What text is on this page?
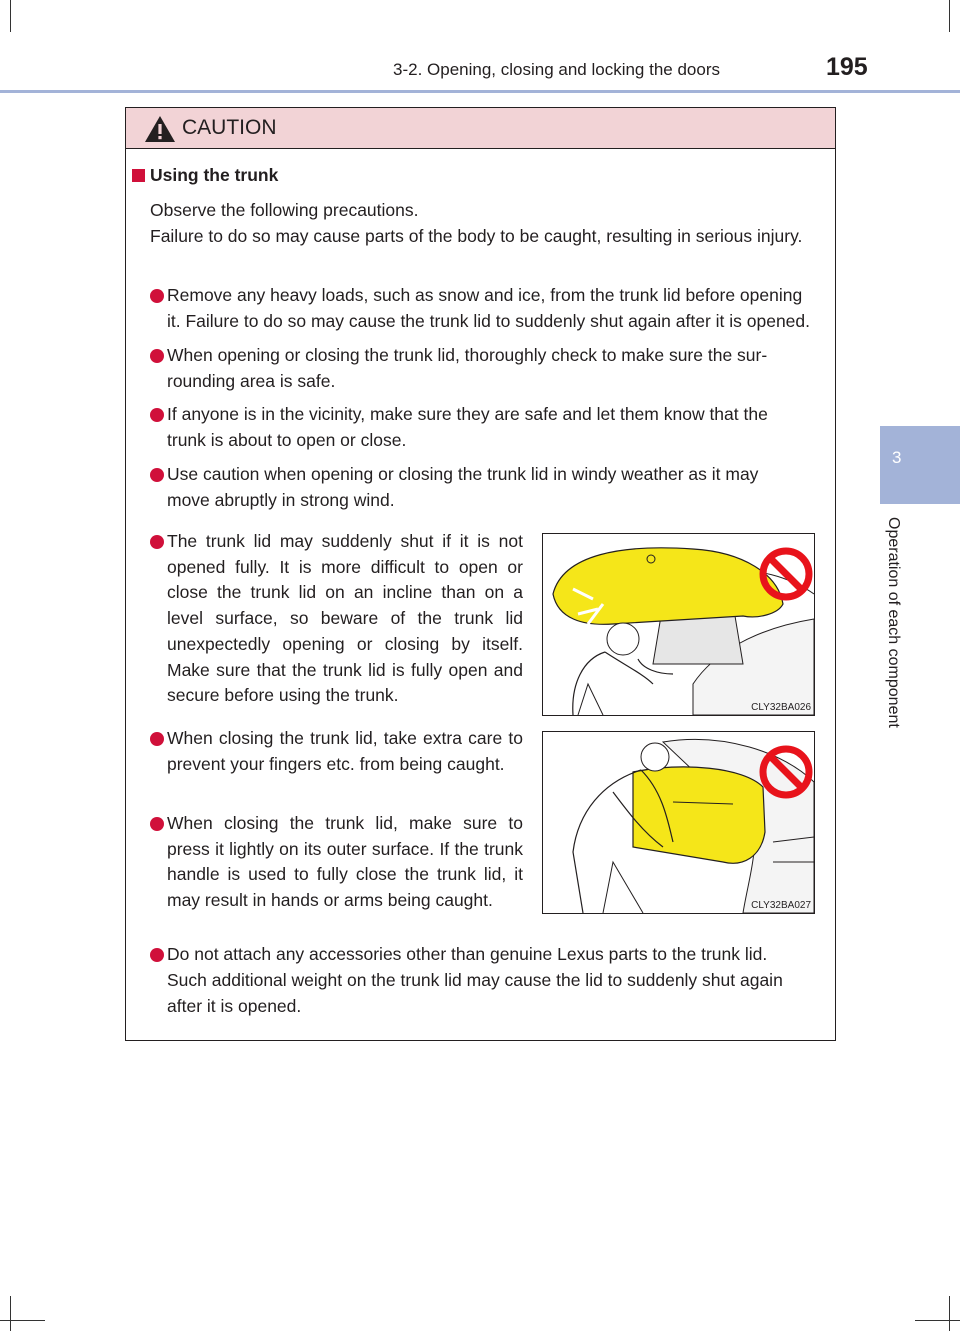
3-2. Opening, closing and locking the doors	195
3
Operation of each component
CAUTION
Using the trunk
Observe the following precautions.
Failure to do so may cause parts of the body to be caught, resulting in serious injury.
Remove any heavy loads, such as snow and ice, from the trunk lid before opening
it. Failure to do so may cause the trunk lid to suddenly shut again after it is opened.
When opening or closing the trunk lid, thoroughly check to make sure the sur-
rounding area is safe.
If anyone is in the vicinity, make sure they are safe and let them know that the
trunk is about to open or close.
Use caution when opening or closing the trunk lid in windy weather as it may
move abruptly in strong wind.
The trunk lid may suddenly shut if it is not opened fully. It is more difficult to open or close the trunk lid on an incline than on a level surface, so beware of the trunk lid unexpectedly opening or closing by itself. Make sure that the trunk lid is fully open and secure before using the trunk.
When closing the trunk lid, take extra care to prevent your fingers etc. from being caught.
When closing the trunk lid, make sure to press it lightly on its outer surface. If the trunk handle is used to fully close the trunk lid, it may result in hands or arms being caught.
Do not attach any accessories other than genuine Lexus parts to the trunk lid.
Such additional weight on the trunk lid may cause the lid to suddenly shut again
after it is opened.
CLY32BA026
CLY32BA027
